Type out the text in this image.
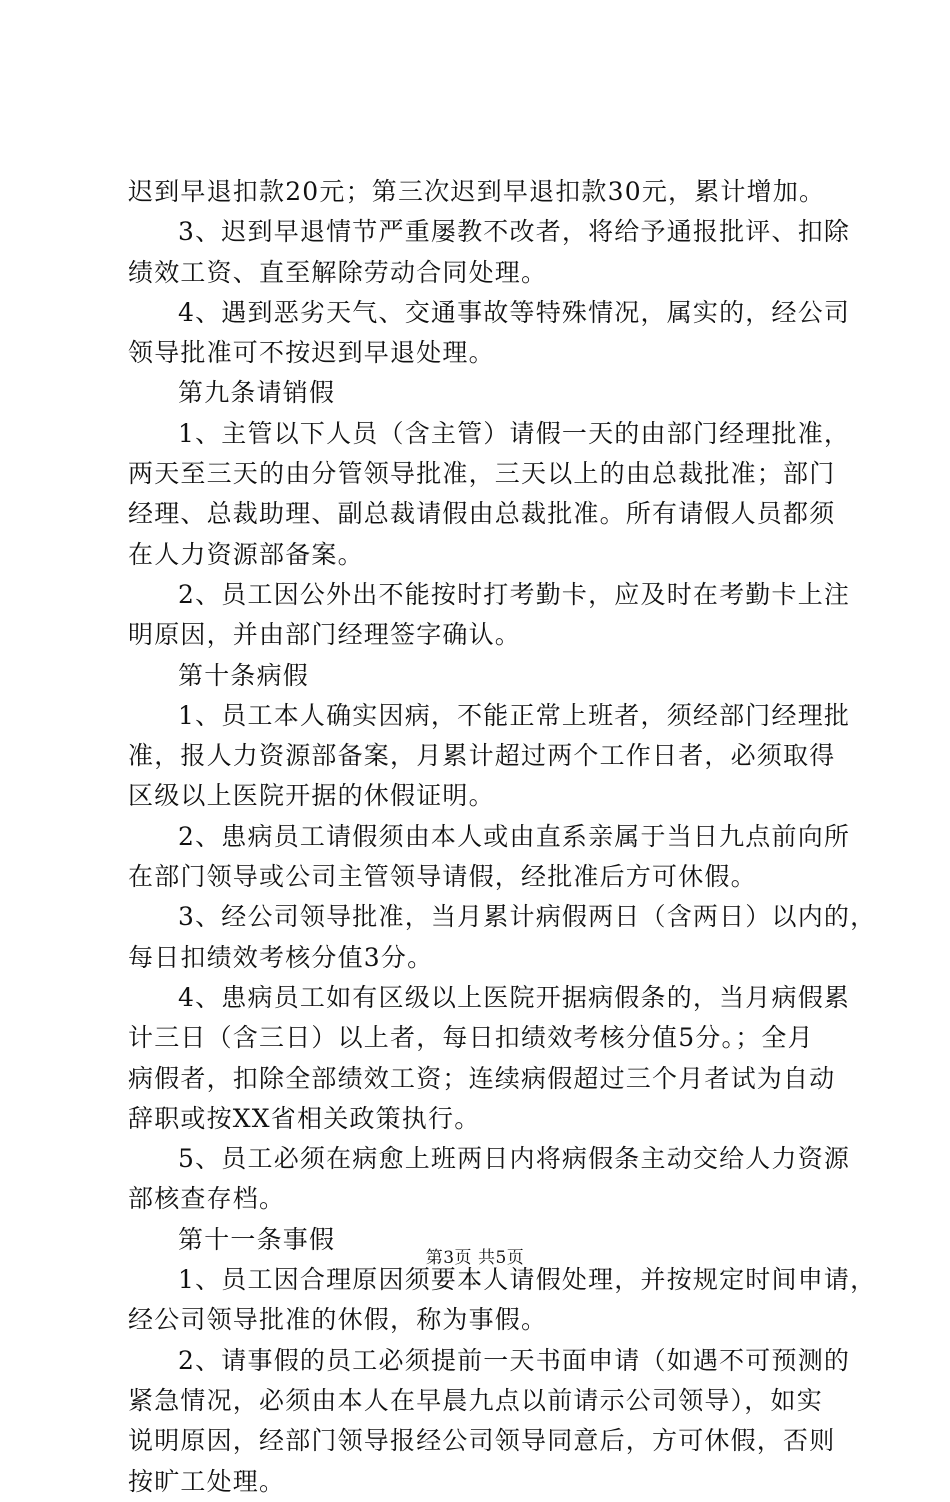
迟到早退扣款20元；第三次迟到早退扣款30元，累计增加。
3、迟到早退情节严重屡教不改者，将给予通报批评、扣除
绩效工资、直至解除劳动合同处理。
4、遇到恶劣天气、交通事故等特殊情况，属实的，经公司
领导批准可不按迟到早退处理。
第九条请销假
1、主管以下人员（含主管）请假一天的由部门经理批准，
两天至三天的由分管领导批准，三天以上的由总裁批准；部门
经理、总裁助理、副总裁请假由总裁批准。所有请假人员都须
在人力资源部备案。
2、员工因公外出不能按时打考勤卡，应及时在考勤卡上注
明原因，并由部门经理签字确认。
第十条病假
1、员工本人确实因病，不能正常上班者，须经部门经理批
准，报人力资源部备案，月累计超过两个工作日者，必须取得
区级以上医院开据的休假证明。
2、患病员工请假须由本人或由直系亲属于当日九点前向所
在部门领导或公司主管领导请假，经批准后方可休假。
3、经公司领导批准，当月累计病假两日（含两日）以内的，
每日扣绩效考核分值3分。
4、患病员工如有区级以上医院开据病假条的，当月病假累
计三日（含三日）以上者，每日扣绩效考核分值5分。；全月
病假者，扣除全部绩效工资；连续病假超过三个月者试为自动
辞职或按XX省相关政策执行。
5、员工必须在病愈上班两日内将病假条主动交给人力资源
部核查存档。
第十一条事假
1、员工因合理原因须要本人请假处理，并按规定时间申请，
经公司领导批准的休假，称为事假。
2、请事假的员工必须提前一天书面申请（如遇不可预测的
紧急情况，必须由本人在早晨九点以前请示公司领导），如实
说明原因，经部门领导报经公司领导同意后，方可休假，否则
按旷工处理。
第3页 共5页
